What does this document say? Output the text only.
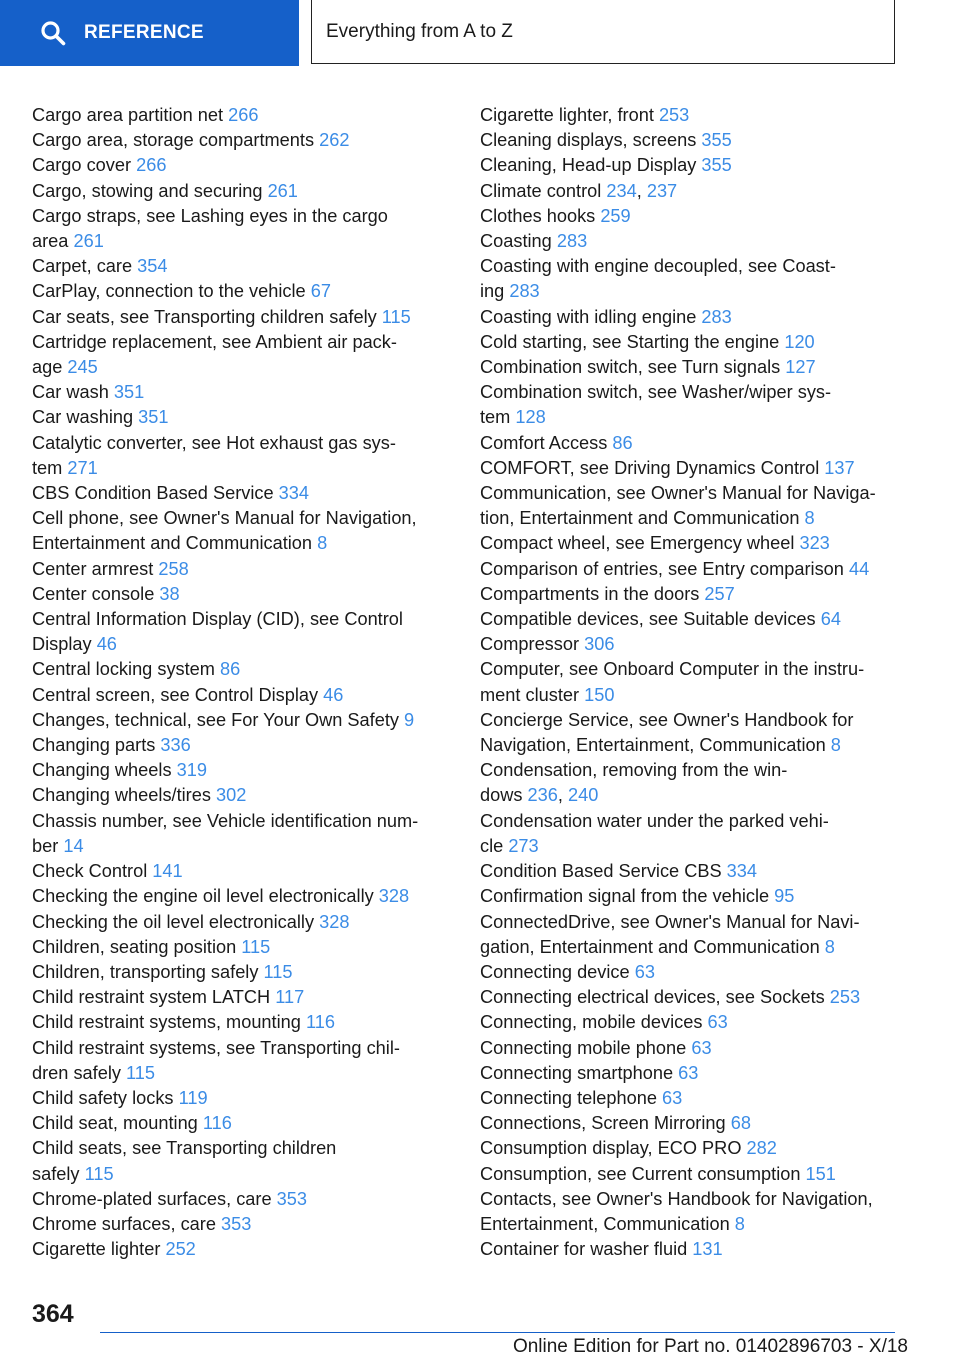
REFERENCE	Everything from A to Z
Cargo area partition net 266
Cargo area, storage compartments 262
Cargo cover 266
Cargo, stowing and securing 261
Cargo straps, see Lashing eyes in the cargo
area 261
Carpet, care 354
CarPlay, connection to the vehicle 67
Car seats, see Transporting children safely 115
Cartridge replacement, see Ambient air pack-
age 245
Car wash 351
Car washing 351
Catalytic converter, see Hot exhaust gas sys-
tem 271
CBS Condition Based Service 334
Cell phone, see Owner's Manual for Navigation,
Entertainment and Communication 8
Center armrest 258
Center console 38
Central Information Display (CID), see Control
Display 46
Central locking system 86
Central screen, see Control Display 46
Changes, technical, see For Your Own Safety 9
Changing parts 336
Changing wheels 319
Changing wheels/tires 302
Chassis number, see Vehicle identification num-
ber 14
Check Control 141
Checking the engine oil level electronically 328
Checking the oil level electronically 328
Children, seating position 115
Children, transporting safely 115
Child restraint system LATCH 117
Child restraint systems, mounting 116
Child restraint systems, see Transporting chil-
dren safely 115
Child safety locks 119
Child seat, mounting 116
Child seats, see Transporting children
safely 115
Chrome-plated surfaces, care 353
Chrome surfaces, care 353
Cigarette lighter 252
Cigarette lighter, front 253
Cleaning displays, screens 355
Cleaning, Head-up Display 355
Climate control 234, 237
Clothes hooks 259
Coasting 283
Coasting with engine decoupled, see Coast-
ing 283
Coasting with idling engine 283
Cold starting, see Starting the engine 120
Combination switch, see Turn signals 127
Combination switch, see Washer/wiper sys-
tem 128
Comfort Access 86
COMFORT, see Driving Dynamics Control 137
Communication, see Owner's Manual for Naviga-
tion, Entertainment and Communication 8
Compact wheel, see Emergency wheel 323
Comparison of entries, see Entry comparison 44
Compartments in the doors 257
Compatible devices, see Suitable devices 64
Compressor 306
Computer, see Onboard Computer in the instru-
ment cluster 150
Concierge Service, see Owner's Handbook for
Navigation, Entertainment, Communication 8
Condensation, removing from the win-
dows 236, 240
Condensation water under the parked vehi-
cle 273
Condition Based Service CBS 334
Confirmation signal from the vehicle 95
ConnectedDrive, see Owner's Manual for Navi-
gation, Entertainment and Communication 8
Connecting device 63
Connecting electrical devices, see Sockets 253
Connecting, mobile devices 63
Connecting mobile phone 63
Connecting smartphone 63
Connecting telephone 63
Connections, Screen Mirroring 68
Consumption display, ECO PRO 282
Consumption, see Current consumption 151
Contacts, see Owner's Handbook for Navigation,
Entertainment, Communication 8
Container for washer fluid 131
364
Online Edition for Part no. 01402896703 - X/18
